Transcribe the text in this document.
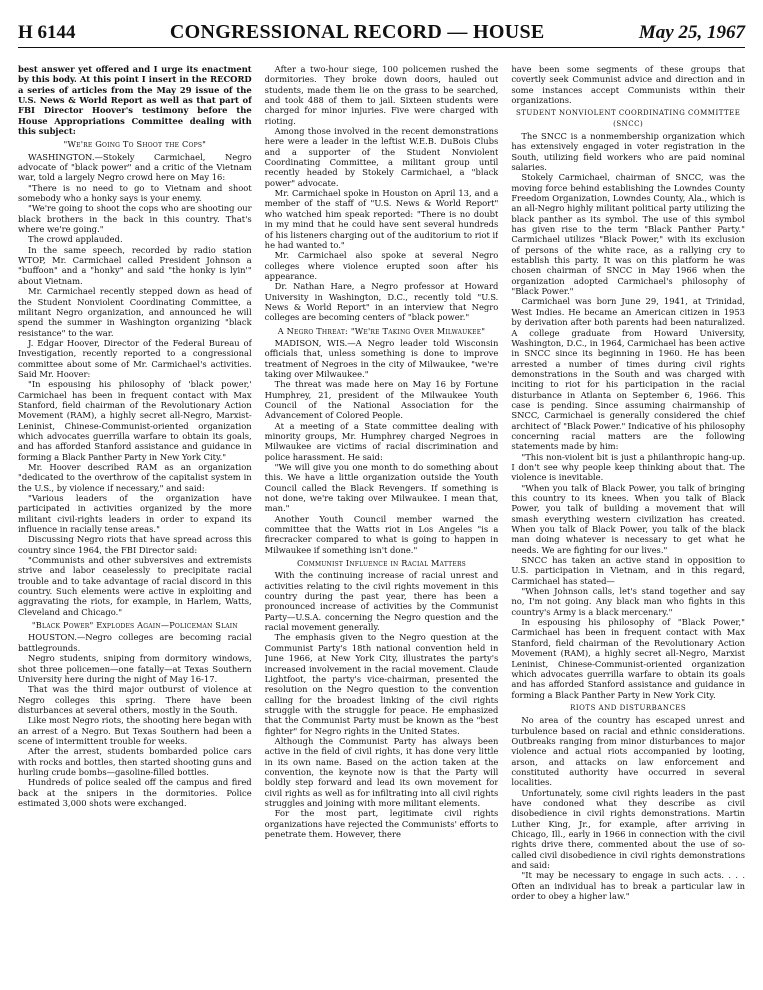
H 6144	CONGRESSIONAL RECORD — HOUSE	May 25, 1967

best answer yet offered and I urge its enactment by this body. At this point I insert in the RECORD a series of articles from the May 29 issue of the U.S. News & World Report as well as that part of FBI Director Hoover's testimony before the House Appropriations Committee dealing with this subject:

"We're Going To Shoot the Cops"

WASHINGTON.—Stokely Carmichael, Negro advocate of "black power" and a critic of the Vietnam war, told a largely Negro crowd here on May 16:

"There is no need to go to Vietnam and shoot somebody who a honky says is your enemy.

"We're going to shoot the cops who are shooting our black brothers in the back in this country. That's where we're going."

The crowd applauded.

In the same speech, recorded by radio station WTOP, Mr. Carmichael called President Johnson a "buffoon" and a "honky" and said "the honky is lyin'" about Vietnam.

Mr. Carmichael recently stepped down as head of the Student Nonviolent Coordinating Committee, a militant Negro organization, and announced he will spend the summer in Washington organizing "black resistance" to the war.

J. Edgar Hoover, Director of the Federal Bureau of Investigation, recently reported to a congressional committee about some of Mr. Carmichael's activities. Said Mr. Hoover:

"In espousing his philosophy of 'black power,' Carmichael has been in frequent contact with Max Stanford, field chairman of the Revolutionary Action Movement (RAM), a highly secret all-Negro, Marxist-Leninist, Chinese-Communist-oriented organization which advocates guerrilla warfare to obtain its goals, and has afforded Stanford assistance and guidance in forming a Black Panther Party in New York City."

Mr. Hoover described RAM as an organization "dedicated to the overthrow of the capitalist system in the U.S., by violence if necessary," and said:

"Various leaders of the organization have participated in activities organized by the more militant civil-rights leaders in order to expand its influence in racially tense areas."

Discussing Negro riots that have spread across this country since 1964, the FBI Director said:

"Communists and other subversives and extremists strive and labor ceaselessly to precipitate racial trouble and to take advantage of racial discord in this country. Such elements were active in exploiting and aggravating the riots, for example, in Harlem, Watts, Cleveland and Chicago."

"Black Power" Explodes Again—Policeman Slain

HOUSTON.—Negro colleges are becoming racial battlegrounds.

Negro students, sniping from dormitory windows, shot three policemen—one fatally—at Texas Southern University here during the night of May 16-17.

That was the third major outburst of violence at Negro colleges this spring. There have been disturbances at several others, mostly in the South.

Like most Negro riots, the shooting here began with an arrest of a Negro. But Texas Southern had been a scene of intermittent trouble for weeks.

After the arrest, students bombarded police cars with rocks and bottles, then started shooting guns and hurling crude bombs—gasoline-filled bottles.

Hundreds of police sealed off the campus and fired back at the snipers in the dormitories. Police estimated 3,000 shots were exchanged.

After a two-hour siege, 100 policemen rushed the dormitories. They broke down doors, hauled out students, made them lie on the grass to be searched, and took 488 of them to jail. Sixteen students were charged for minor injuries. Five were charged with rioting.

Among those involved in the recent demonstrations here were a leader in the leftist W.E.B. DuBois Clubs and a supporter of the Student Nonviolent Coordinating Committee, a militant group until recently headed by Stokely Carmichael, a "black power" advocate.

Mr. Carmichael spoke in Houston on April 13, and a member of the staff of "U.S. News & World Report" who watched him speak reported: "There is no doubt in my mind that he could have sent several hundreds of his listeners charging out of the auditorium to riot if he had wanted to."

Mr. Carmichael also spoke at several Negro colleges where violence erupted soon after his appearance.

Dr. Nathan Hare, a Negro professor at Howard University in Washington, D.C., recently told "U.S. News & World Report" in an interview that Negro colleges are becoming centers of "black power."

A Negro Threat: "We're Taking Over Milwaukee"

MADISON, WIS.—A Negro leader told Wisconsin officials that, unless something is done to improve treatment of Negroes in the city of Milwaukee, "we're taking over Milwaukee."

The threat was made here on May 16 by Fortune Humphrey, 21, president of the Milwaukee Youth Council of the National Association for the Advancement of Colored People.

At a meeting of a State committee dealing with minority groups, Mr. Humphrey charged Negroes in Milwaukee are victims of racial discrimination and police harassment. He said:

"We will give you one month to do something about this. We have a little organization outside the Youth Council called the Black Revengers. If something is not done, we're taking over Milwaukee. I mean that, man."

Another Youth Council member warned the committee that the Watts riot in Los Angeles "is a firecracker compared to what is going to happen in Milwaukee if something isn't done."

Communist Influence in Racial Matters

With the continuing increase of racial unrest and activities relating to the civil rights movement in this country during the past year, there has been a pronounced increase of activities by the Communist Party—U.S.A. concerning the Negro question and the racial movement generally.

The emphasis given to the Negro question at the Communist Party's 18th national convention held in June 1966, at New York City, illustrates the party's increased involvement in the racial movement. Claude Lightfoot, the party's vice-chairman, presented the resolution on the Negro question to the convention calling for the broadest linking of the civil rights struggle with the struggle for peace. He emphasized that the Communist Party must be known as the "best fighter" for Negro rights in the United States.

Although the Communist Party has always been active in the field of civil rights, it has done very little in its own name. Based on the action taken at the convention, the keynote now is that the Party will boldly step forward and lead its own movement for civil rights as well as for infiltrating into all civil rights struggles and joining with more militant elements.

For the most part, legitimate civil rights organizations have rejected the Communists' efforts to penetrate them. However, there

have been some segments of these groups that covertly seek Communist advice and direction and in some instances accept Communists within their organizations.

STUDENT NONVIOLENT COORDINATING COMMITTEE (SNCC)

The SNCC is a nonmembership organization which has extensively engaged in voter registration in the South, utilizing field workers who are paid nominal salaries.

Stokely Carmichael, chairman of SNCC, was the moving force behind establishing the Lowndes County Freedom Organization, Lowndes County, Ala., which is an all-Negro highly militant political party utilizing the black panther as its symbol. The use of this symbol has given rise to the term "Black Panther Party." Carmichael utilizes "Black Power," with its exclusion of persons of the white race, as a rallying cry to establish this party. It was on this platform he was chosen chairman of SNCC in May 1966 when the organization adopted Carmichael's philosophy of "Black Power."

Carmichael was born June 29, 1941, at Trinidad, West Indies. He became an American citizen in 1953 by derivation after both parents had been naturalized. A college graduate from Howard University, Washington, D.C., in 1964, Carmichael has been active in SNCC since its beginning in 1960. He has been arrested a number of times during civil rights demonstrations in the South and was charged with inciting to riot for his participation in the racial disturbance in Atlanta on September 6, 1966. This case is pending. Since assuming chairmanship of SNCC, Carmichael is generally considered the chief architect of "Black Power." Indicative of his philosophy concerning racial matters are the following statements made by him:

"This non-violent bit is just a philanthropic hang-up. I don't see why people keep thinking about that. The violence is inevitable.

"When you talk of Black Power, you talk of bringing this country to its knees. When you talk of Black Power, you talk of building a movement that will smash everything western civilization has created. When you talk of Black Power, you talk of the black man doing whatever is necessary to get what he needs. We are fighting for our lives."

SNCC has taken an active stand in opposition to U.S. participation in Vietnam, and in this regard, Carmichael has stated—

"When Johnson calls, let's stand together and say no, I'm not going. Any black man who fights in this country's Army is a black mercenary."

In espousing his philosophy of "Black Power," Carmichael has been in frequent contact with Max Stanford, field chairman of the Revolutionary Action Movement (RAM), a highly secret all-Negro, Marxist Leninist, Chinese-Communist-oriented organization which advocates guerrilla warfare to obtain its goals and has afforded Stanford assistance and guidance in forming a Black Panther Party in New York City.

RIOTS AND DISTURBANCES

No area of the country has escaped unrest and turbulence based on racial and ethnic considerations. Outbreaks ranging from minor disturbances to major violence and actual riots accompanied by looting, arson, and attacks on law enforcement and constituted authority have occurred in several localities.

Unfortunately, some civil rights leaders in the past have condoned what they describe as civil disobedience in civil rights demonstrations. Martin Luther King, Jr., for example, after arriving in Chicago, Ill., early in 1966 in connection with the civil rights drive there, commented about the use of so-called civil disobedience in civil rights demonstrations and said:

"It may be necessary to engage in such acts. . . . Often an individual has to break a particular law in order to obey a higher law."
